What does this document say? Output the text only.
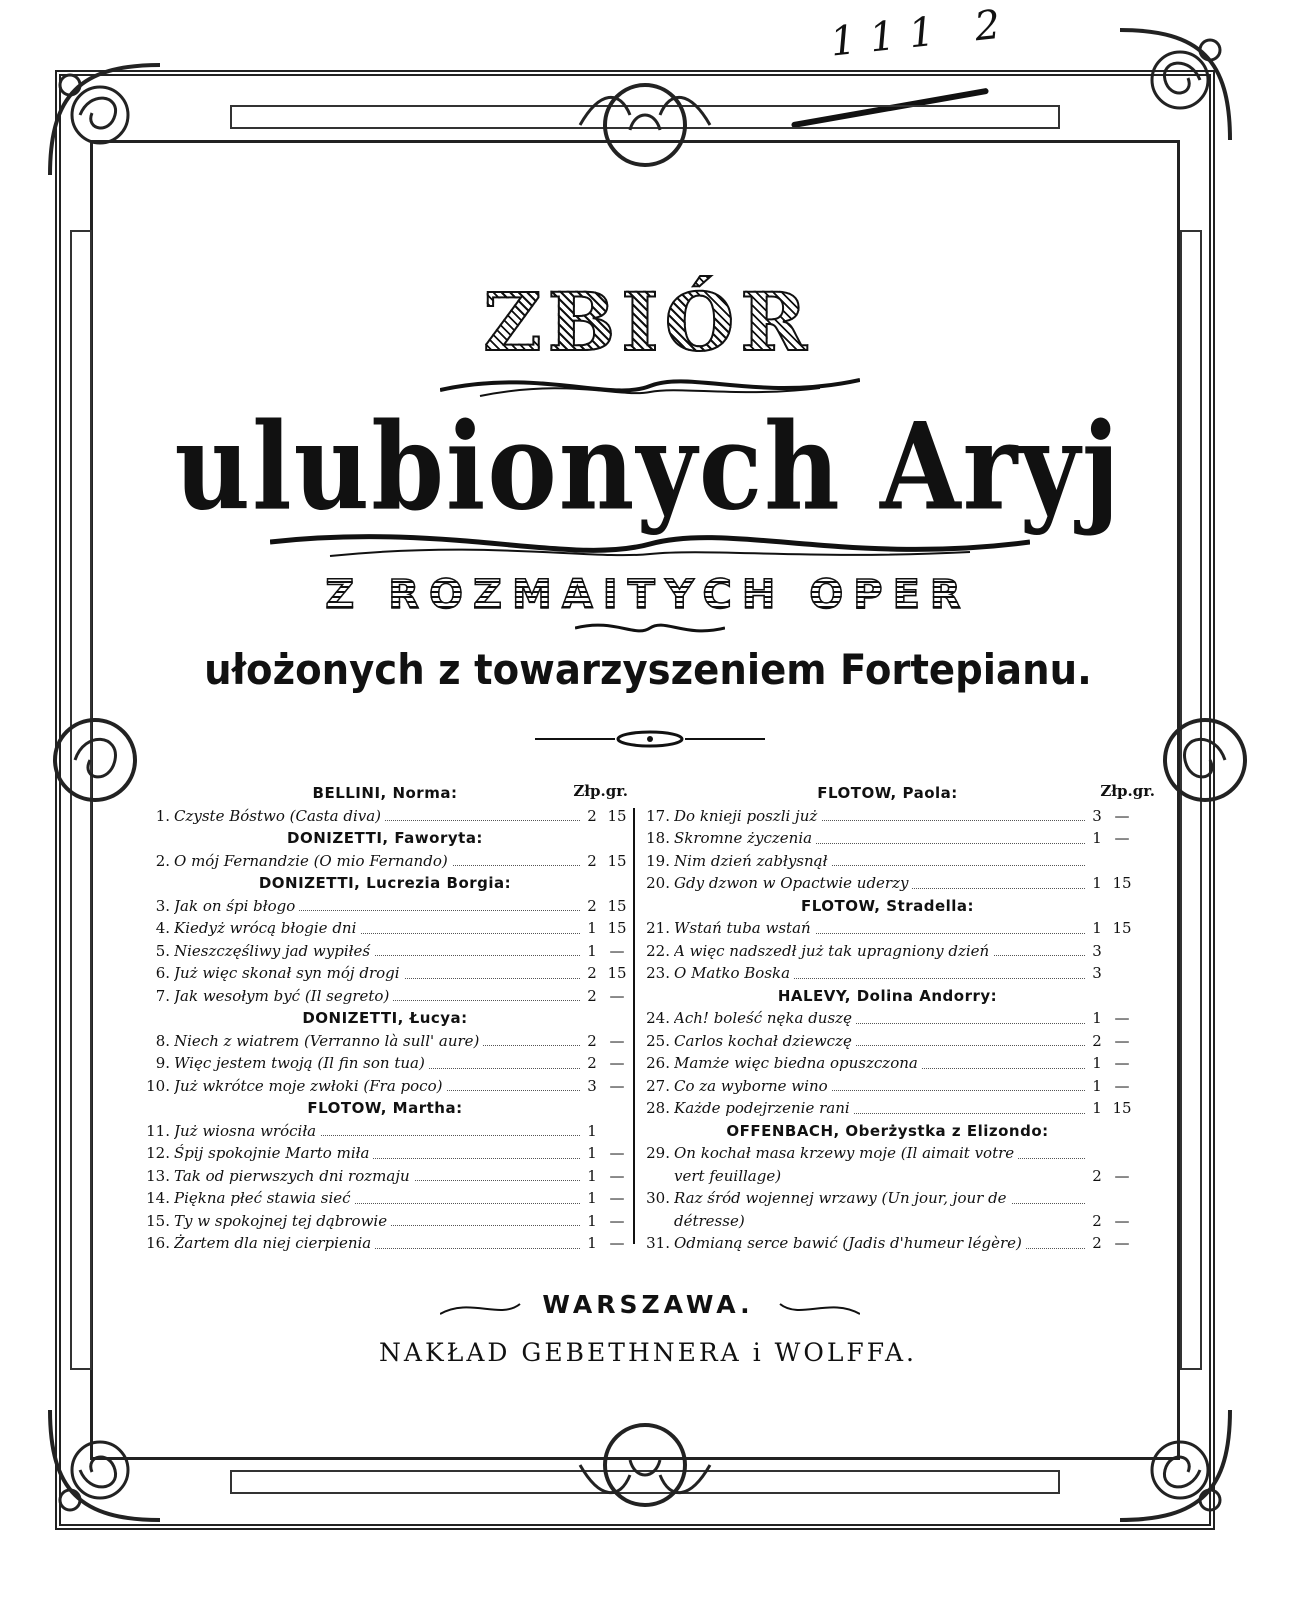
111 2
ZBIÓR
ulubionych Aryj
Z ROZMAITYCH OPER
ułożonych z towarzyszeniem Fortepianu.
Złp.gr.
BELLINI, Norma:
1. Czyste Bóstwo (Casta diva)	2 15
DONIZETTI, Faworyta:
2. O mój Fernandzie (O mio Fernando)	2 15
DONIZETTI, Lucrezia Borgia:
3. Jak on śpi błogo	2 15
4. Kiedyż wrócą błogie dni	1 15
5. Nieszczęśliwy jad wypiłeś	1 —
6. Już więc skonał syn mój drogi	2 15
7. Jak wesołym być (Il segreto)	2 —
DONIZETTI, Łucya:
8. Niech z wiatrem (Verranno là sull' aure)	2 —
9. Więc jestem twoją (Il fin son tua)	2 —
10. Już wkrótce moje zwłoki (Fra poco)	3 —
FLOTOW, Martha:
11. Już wiosna wróciła	1
12. Śpij spokojnie Marto miła	1 —
13. Tak od pierwszych dni rozmaju	1 —
14. Piękna płeć stawia sieć	1 —
15. Ty w spokojnej tej dąbrowie	1 —
16. Żartem dla niej cierpienia	1 —
Złp.gr.
FLOTOW, Paola:
17. Do knieji poszli już	3 —
18. Skromne życzenia	1 —
19. Nim dzień zabłysnął
20. Gdy dzwon w Opactwie uderzy	1 15
FLOTOW, Stradella:
21. Wstań tuba wstań	1 15
22. A więc nadszedł już tak upragniony dzień	3
23. O Matko Boska	3
HALEVY, Dolina Andorry:
24. Ach! boleść nęka duszę	1 —
25. Carlos kochał dziewczę	2 —
26. Mamże więc biedna opuszczona	1 —
27. Co za wyborne wino	1 —
28. Każde podejrzenie rani	1 15
OFFENBACH, Oberżystka z Elizondo:
29. On kochał masa krzewy moje (Il aimait votre
vert feuillage)	2 —
30. Raz śród wojennej wrzawy (Un jour, jour de
détresse)	2 —
31. Odmianą serce bawić (Jadis d'humeur légère)	2 —
WARSZAWA.
NAKŁAD GEBETHNERA i WOLFFA.
